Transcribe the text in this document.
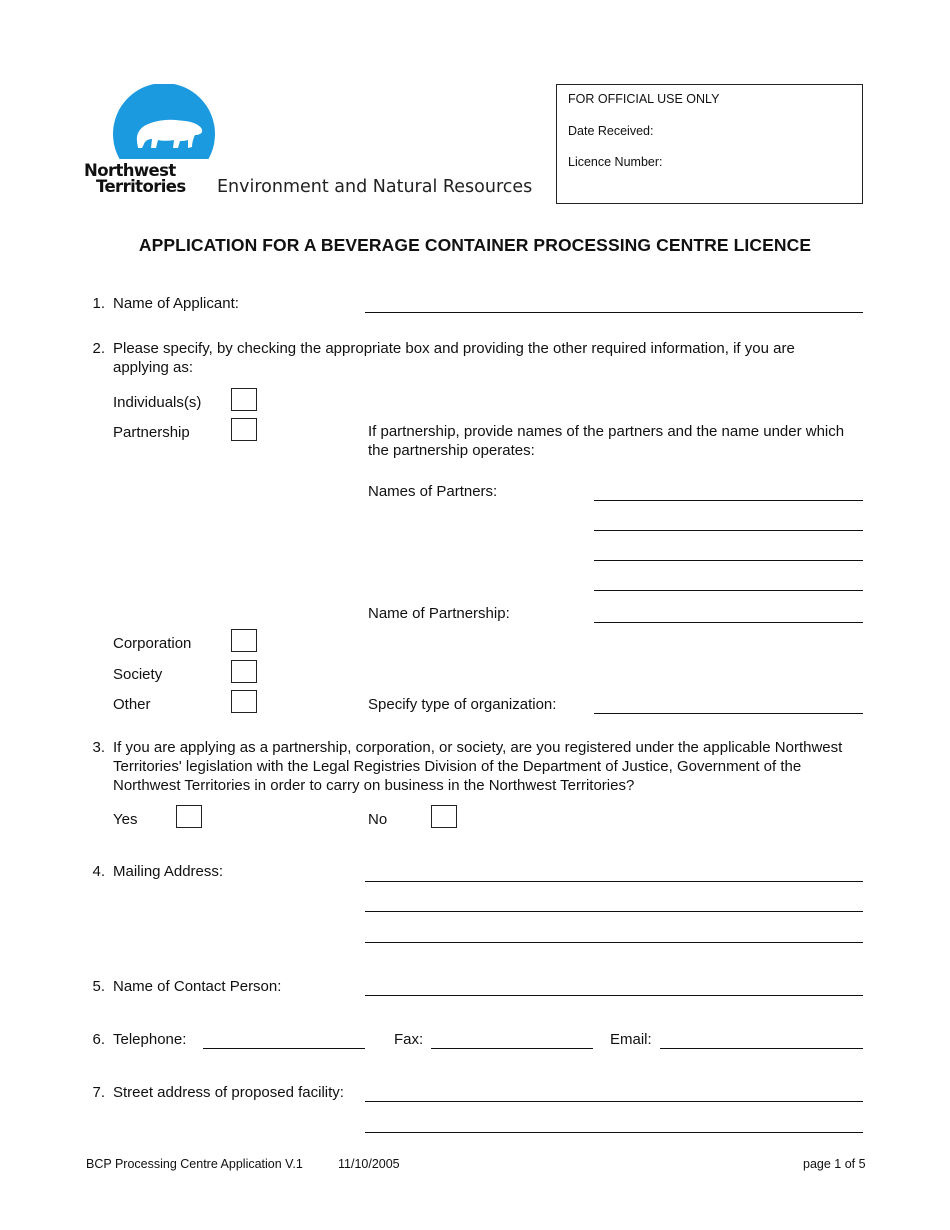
Northwest
Territories Environment and Natural Resources
FOR OFFICIAL USE ONLY
Date Received:
Licence Number:
APPLICATION FOR A BEVERAGE CONTAINER PROCESSING CENTRE LICENCE
1. Name of Applicant:
2. Please specify, by checking the appropriate box and providing the other required information, if you are applying as:
Individuals(s)
Partnership	If partnership, provide names of the partners and the name under which the partnership operates:
Names of Partners:
Name of Partnership:
Corporation
Society
Other	Specify type of organization:
3. If you are applying as a partnership, corporation, or society, are you registered under the applicable Northwest Territories' legislation with the Legal Registries Division of the Department of Justice, Government of the Northwest Territories in order to carry on business in the Northwest Territories?
Yes	No
4. Mailing Address:
5. Name of Contact Person:
6. Telephone:	Fax:	Email:
7. Street address of proposed facility:
BCP Processing Centre Application V.1	11/10/2005	page 1 of 5
